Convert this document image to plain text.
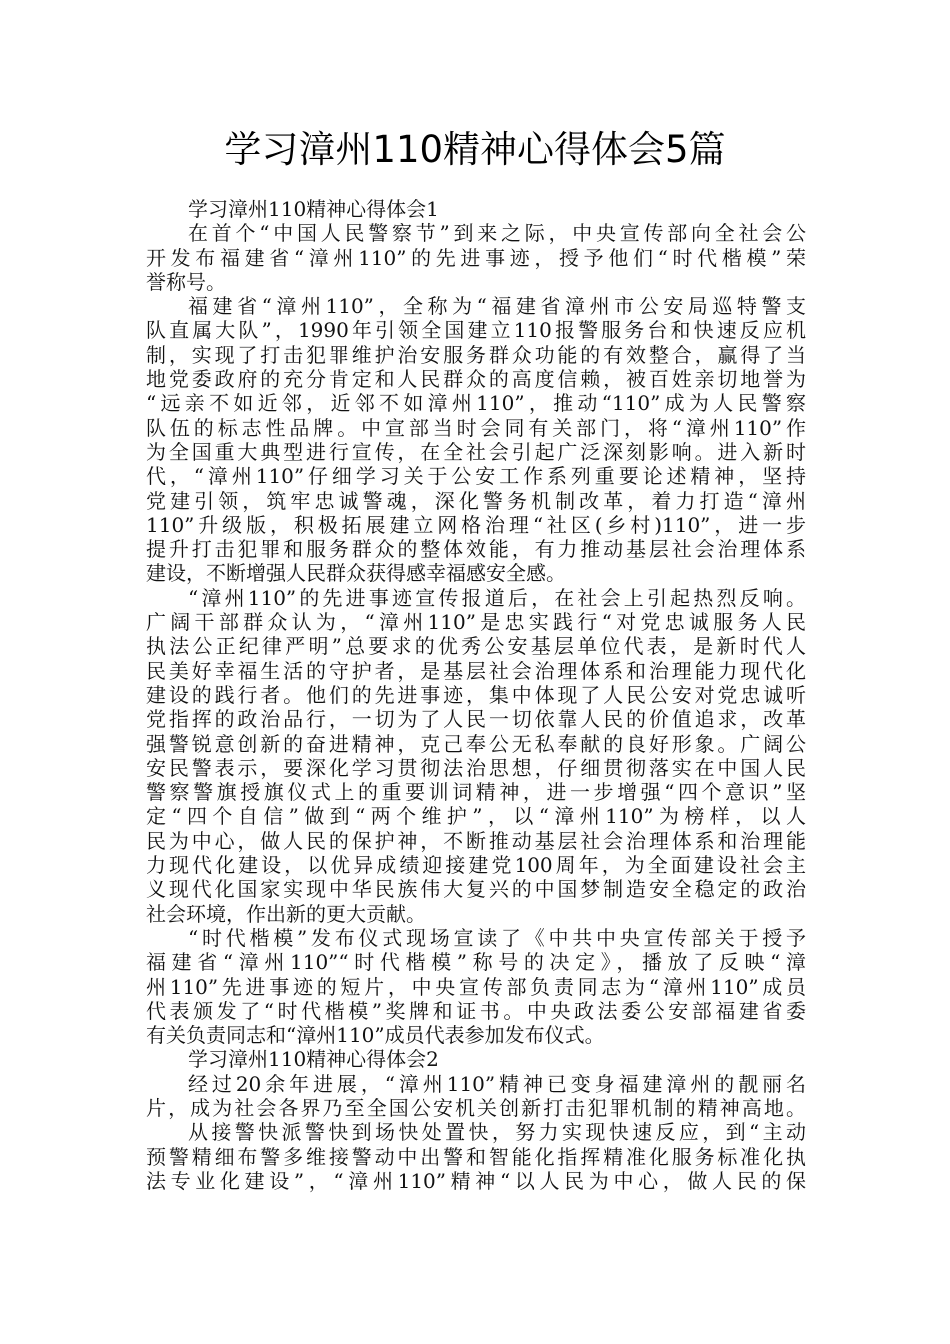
学习漳州110精神心得体会5篇
学习漳州110精神心得体会1
在首个“中国人民警察节”到来之际，中央宣传部向全社会公
开发布福建省“漳州110”的先进事迹，授予他们“时代楷模”荣
誉称号。
福建省“漳州110”，全称为“福建省漳州市公安局巡特警支
队直属大队”，1990年引领全国建立110报警服务台和快速反应机
制，实现了打击犯罪维护治安服务群众功能的有效整合，赢得了当
地党委政府的充分肯定和人民群众的高度信赖，被百姓亲切地誉为
“远亲不如近邻，近邻不如漳州110”，推动“110”成为人民警察
队伍的标志性品牌。中宣部当时会同有关部门，将“漳州110”作
为全国重大典型进行宣传，在全社会引起广泛深刻影响。进入新时
代，“漳州110”仔细学习关于公安工作系列重要论述精神，坚持
党建引领，筑牢忠诚警魂，深化警务机制改革，着力打造“漳州
110”升级版，积极拓展建立网格治理“社区(乡村)110”，进一步
提升打击犯罪和服务群众的整体效能，有力推动基层社会治理体系
建设，不断增强人民群众获得感幸福感安全感。
“漳州110”的先进事迹宣传报道后，在社会上引起热烈反响。
广阔干部群众认为，“漳州110”是忠实践行“对党忠诚服务人民
执法公正纪律严明”总要求的优秀公安基层单位代表，是新时代人
民美好幸福生活的守护者，是基层社会治理体系和治理能力现代化
建设的践行者。他们的先进事迹，集中体现了人民公安对党忠诚听
党指挥的政治品行，一切为了人民一切依靠人民的价值追求，改革
强警锐意创新的奋进精神，克己奉公无私奉献的良好形象。广阔公
安民警表示，要深化学习贯彻法治思想，仔细贯彻落实在中国人民
警察警旗授旗仪式上的重要训词精神，进一步增强“四个意识”坚
定“四个自信”做到“两个维护”，以“漳州110”为榜样，以人
民为中心，做人民的保护神，不断推动基层社会治理体系和治理能
力现代化建设，以优异成绩迎接建党100周年，为全面建设社会主
义现代化国家实现中华民族伟大复兴的中国梦制造安全稳定的政治
社会环境，作出新的更大贡献。
“时代楷模”发布仪式现场宣读了《中共中央宣传部关于授予
福建省“漳州110”“时代楷模”称号的决定》，播放了反映“漳
州110”先进事迹的短片，中央宣传部负责同志为“漳州110”成员
代表颁发了“时代楷模”奖牌和证书。中央政法委公安部福建省委
有关负责同志和“漳州110”成员代表参加发布仪式。
学习漳州110精神心得体会2
经过20余年进展，“漳州110”精神已变身福建漳州的靓丽名
片，成为社会各界乃至全国公安机关创新打击犯罪机制的精神高地。
从接警快派警快到场快处置快，努力实现快速反应，到“主动
预警精细布警多维接警动中出警和智能化指挥精准化服务标准化执
法专业化建设”，“漳州110”精神“以人民为中心，做人民的保
